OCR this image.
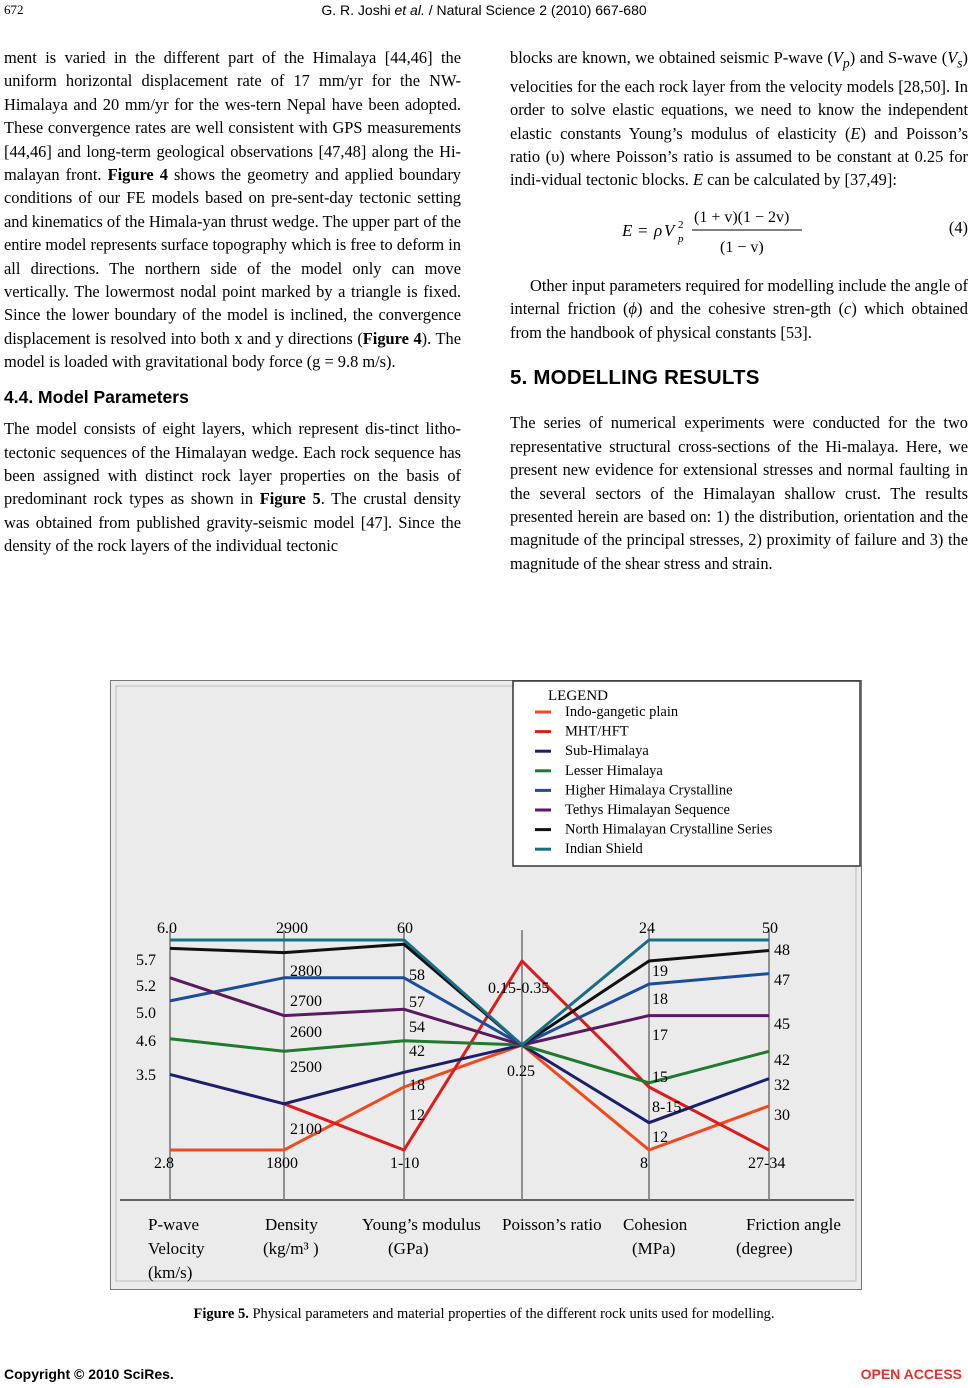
672	G. R. Joshi et al. / Natural Science 2 (2010) 667-680

ment is varied in the different part of the Himalaya [44,46] the uniform horizontal displacement rate of 17 mm/yr for the NW-Himalaya and 20 mm/yr for the wes-tern Nepal have been adopted. These convergence rates are well consistent with GPS measurements [44,46] and long-term geological observations [47,48] along the Hi-malayan front. Figure 4 shows the geometry and applied boundary conditions of our FE models based on pre-sent-day tectonic setting and kinematics of the Himala-yan thrust wedge. The upper part of the entire model represents surface topography which is free to deform in all directions. The northern side of the model only can move vertically. The lowermost nodal point marked by a triangle is fixed. Since the lower boundary of the model is inclined, the convergence displacement is resolved into both x and y directions (Figure 4). The model is loaded with gravitational body force (g = 9.8 m/s).

4.4. Model Parameters

The model consists of eight layers, which represent dis-tinct litho-tectonic sequences of the Himalayan wedge. Each rock sequence has been assigned with distinct rock layer properties on the basis of predominant rock types as shown in Figure 5. The crustal density was obtained from published gravity-seismic model [47]. Since the density of the rock layers of the individual tectonic

blocks are known, we obtained seismic P-wave $(V_p)$ and S-wave $(V_s)$ velocities for the each rock layer from the velocity models [28,50]. In order to solve elastic equations, we need to know the independent elastic constants Young’s modulus of elasticity (E) and Poisson’s ratio (υ) where Poisson’s ratio is assumed to be constant at 0.25 for indi-vidual tectonic blocks. E can be calculated by [37,49]:

E = ρ V 2
p
(1 + v)(1 − 2v)
(1 − v)
(4)

Other input parameters required for modelling include the angle of internal friction (ϕ) and the cohesive stren-gth (c) which obtained from the handbook of physical constants [53].

5. MODELLING RESULTS

The series of numerical experiments were conducted for the two representative structural cross-sections of the Hi-malaya. Here, we present new evidence for extensional stresses and normal faulting in the several sectors of the Himalayan shallow crust. The results presented herein are based on: 1) the distribution, orientation and the magnitude of the principal stresses, 2) proximity of failure and 3) the magnitude of the shear stress and strain.

6.0
2.8
5.7
5.2
5.0
4.6
3.5
2900
1800
2800
2700
2600
2500
2100
60
1-10
58
57
54
42
18
12
0.15-0.35
0.25
24
8
19
18
17
15
8-15
12
50
27-34
48
47
45
42
32
30
P-wave
Velocity
(km/s)
Density
(kg/m³ )
Young’s modulus
(GPa)
Poisson’s ratio Cohesion
(MPa)
Friction angle
(degree)
LEGEND
Indo-gangetic plain
MHT/HFT
Sub-Himalaya
Lesser Himalaya
Higher Himalaya Crystalline
Tethys Himalayan Sequence
North Himalayan Crystalline Series
Indian Shield
Figure 5. Physical parameters and material properties of the different rock units used for modelling.
Copyright © 2010 SciRes.	OPEN ACCESS
